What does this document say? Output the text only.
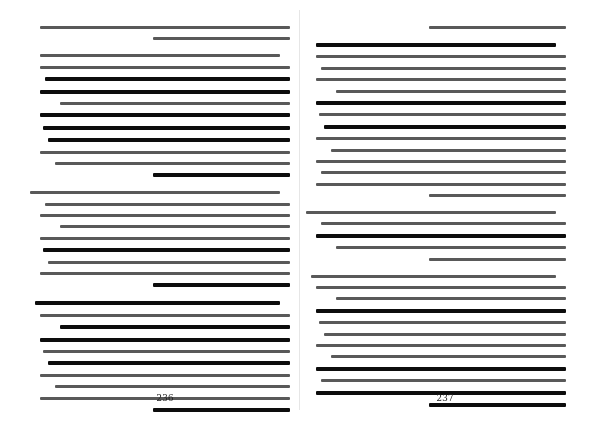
236	237
